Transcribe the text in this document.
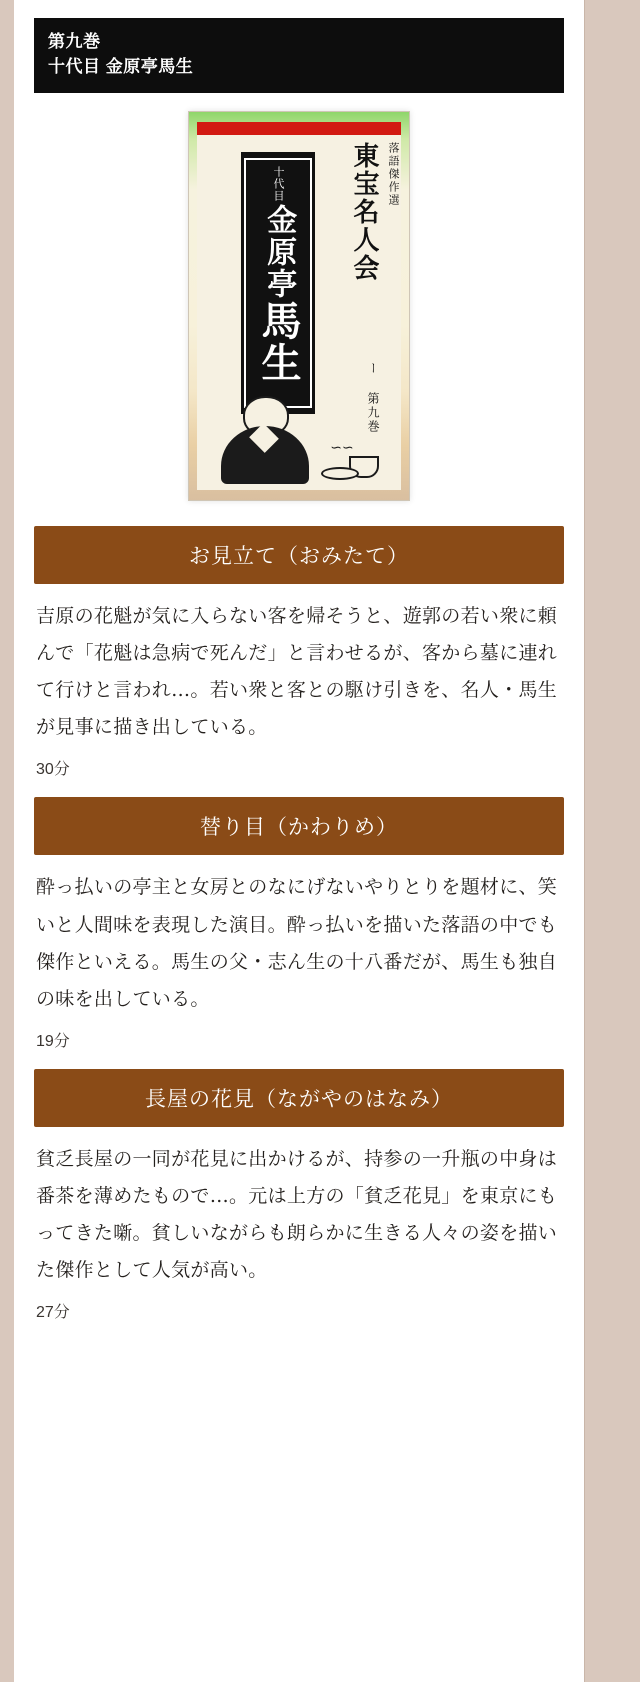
第九巻
十代目 金原亭馬生
落語傑作選
東宝名人会
ー 第九巻
十代目
金原亭
馬生
∽∽
お見立て（おみたて）
吉原の花魁が気に入らない客を帰そうと、遊郭の若い衆に頼んで「花魁は急病で死んだ」と言わせるが、客から墓に連れて行けと言われ…。若い衆と客との駆け引きを、名人・馬生が見事に描き出している。
30分
替り目（かわりめ）
酔っ払いの亭主と女房とのなにげないやりとりを題材に、笑いと人間味を表現した演目。酔っ払いを描いた落語の中でも傑作といえる。馬生の父・志ん生の十八番だが、馬生も独自の味を出している。
19分
長屋の花見（ながやのはなみ）
貧乏長屋の一同が花見に出かけるが、持参の一升瓶の中身は番茶を薄めたもので…。元は上方の「貧乏花見」を東京にもってきた噺。貧しいながらも朗らかに生きる人々の姿を描いた傑作として人気が高い。
27分
